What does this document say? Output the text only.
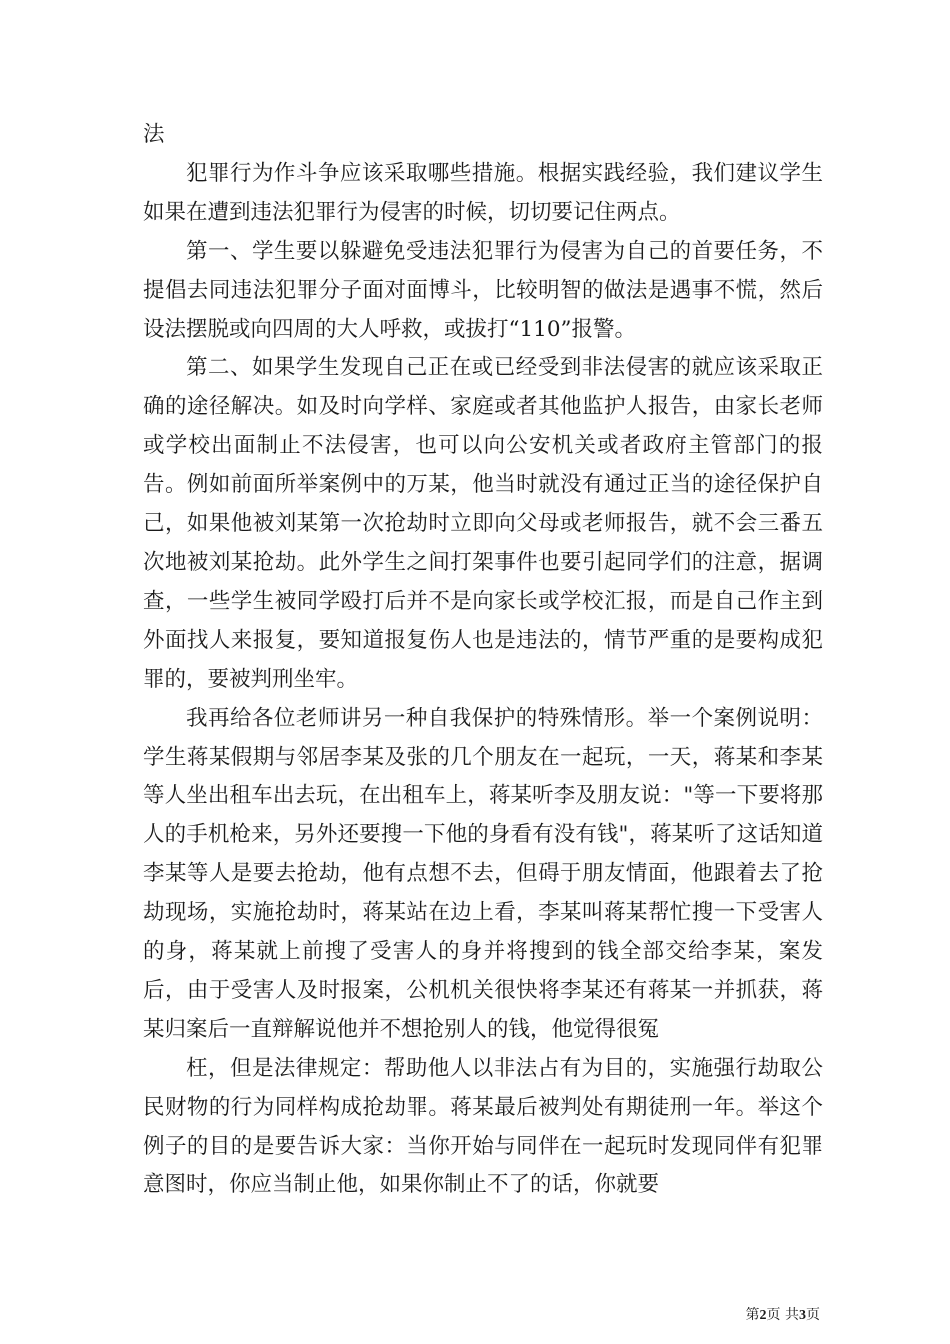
法

犯罪行为作斗争应该采取哪些措施。根据实践经验，我们建议学生如果在遭到违法犯罪行为侵害的时候，切切要记住两点。

第一、学生要以躲避免受违法犯罪行为侵害为自己的首要任务，不提倡去同违法犯罪分子面对面博斗，比较明智的做法是遇事不慌，然后设法摆脱或向四周的大人呼救，或拔打“110”报警。

第二、如果学生发现自己正在或已经受到非法侵害的就应该采取正确的途径解决。如及时向学样、家庭或者其他监护人报告，由家长老师或学校出面制止不法侵害，也可以向公安机关或者政府主管部门的报告。例如前面所举案例中的万某，他当时就没有通过正当的途径保护自己，如果他被刘某第一次抢劫时立即向父母或老师报告，就不会三番五次地被刘某抢劫。此外学生之间打架事件也要引起同学们的注意，据调查，一些学生被同学殴打后并不是向家长或学校汇报，而是自己作主到外面找人来报复，要知道报复伤人也是违法的，情节严重的是要构成犯罪的，要被判刑坐牢。

我再给各位老师讲另一种自我保护的特殊情形。举一个案例说明：学生蒋某假期与邻居李某及张的几个朋友在一起玩，一天，蒋某和李某等人坐出租车出去玩，在出租车上，蒋某听李及朋友说："等一下要将那人的手机枪来，另外还要搜一下他的身看有没有钱"，蒋某听了这话知道李某等人是要去抢劫，他有点想不去，但碍于朋友情面，他跟着去了抢劫现场，实施抢劫时，蒋某站在边上看，李某叫蒋某帮忙搜一下受害人的身，蒋某就上前搜了受害人的身并将搜到的钱全部交给李某，案发后，由于受害人及时报案，公机机关很快将李某还有蒋某一并抓获，蒋某归案后一直辩解说他并不想抢别人的钱，他觉得很冤

枉，但是法律规定：帮助他人以非法占有为目的，实施强行劫取公民财物的行为同样构成抢劫罪。蒋某最后被判处有期徒刑一年。举这个例子的目的是要告诉大家：当你开始与同伴在一起玩时发现同伴有犯罪意图时，你应当制止他，如果你制止不了的话，你就要

第2页 共3页
